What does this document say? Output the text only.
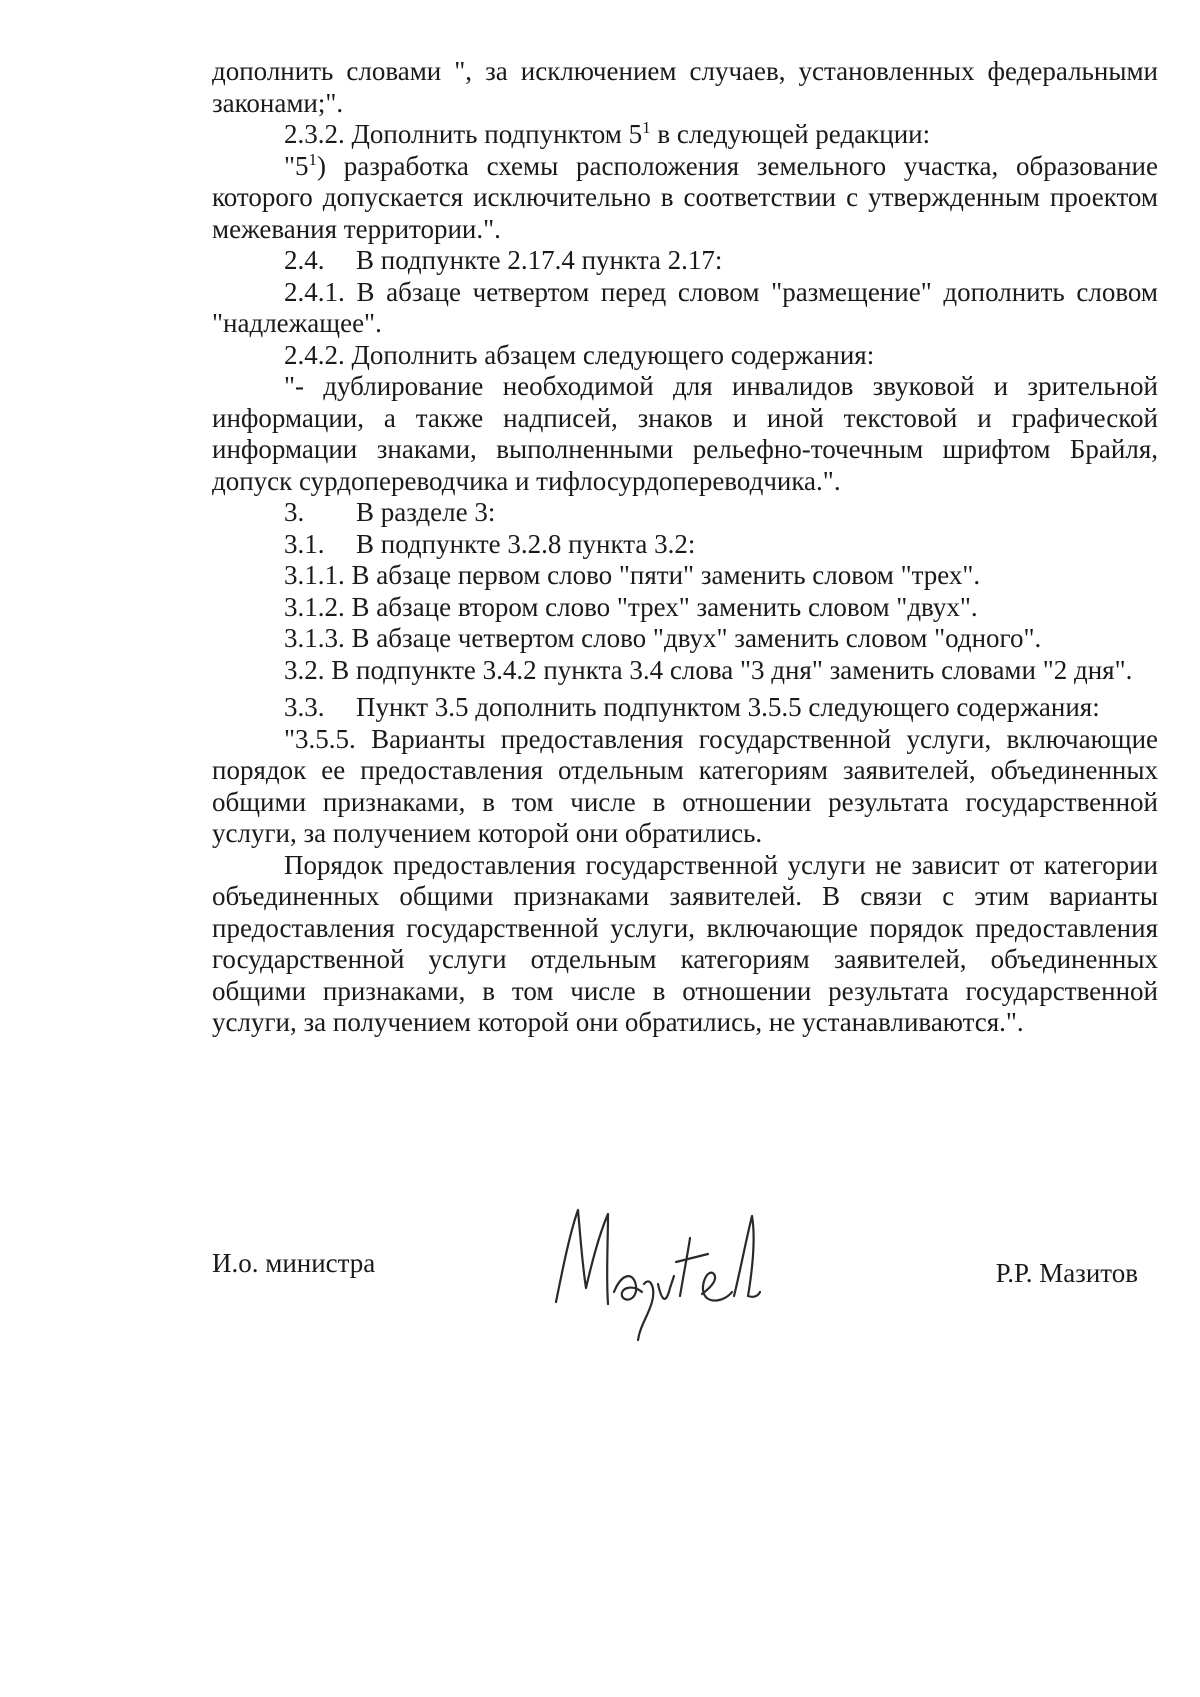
дополнить словами ", за исключением случаев, установленных федеральными законами;".

2.3.2. Дополнить подпунктом $5^1$ в следующей редакции:

"$5^1$) разработка схемы расположения земельного участка, образование которого допускается исключительно в соответствии с утвержденным проектом межевания территории.".

2.4. В подпункте 2.17.4 пункта 2.17:

2.4.1. В абзаце четвертом перед словом "размещение" дополнить словом "надлежащее".

2.4.2. Дополнить абзацем следующего содержания:

"- дублирование необходимой для инвалидов звуковой и зрительной информации, а также надписей, знаков и иной текстовой и графической информации знаками, выполненными рельефно-точечным шрифтом Брайля, допуск сурдопереводчика и тифлосурдопереводчика.".

3. В разделе 3:

3.1. В подпункте 3.2.8 пункта 3.2:

3.1.1. В абзаце первом слово "пяти" заменить словом "трех".

3.1.2. В абзаце втором слово "трех" заменить словом "двух".

3.1.3. В абзаце четвертом слово "двух" заменить словом "одного".

3.2. В подпункте 3.4.2 пункта 3.4 слова "3 дня" заменить словами "2 дня".

3.3. Пункт 3.5 дополнить подпунктом 3.5.5 следующего содержания:

"3.5.5. Варианты предоставления государственной услуги, включающие порядок ее предоставления отдельным категориям заявителей, объединенных общими признаками, в том числе в отношении результата государственной услуги, за получением которой они обратились.

Порядок предоставления государственной услуги не зависит от категории объединенных общими признаками заявителей. В связи с этим варианты предоставления государственной услуги, включающие порядок предоставления государственной услуги отдельным категориям заявителей, объединенных общими признаками, в том числе в отношении результата государственной услуги, за получением которой они обратились, не устанавливаются.".

И.о. министра	Р.Р. Мазитов
